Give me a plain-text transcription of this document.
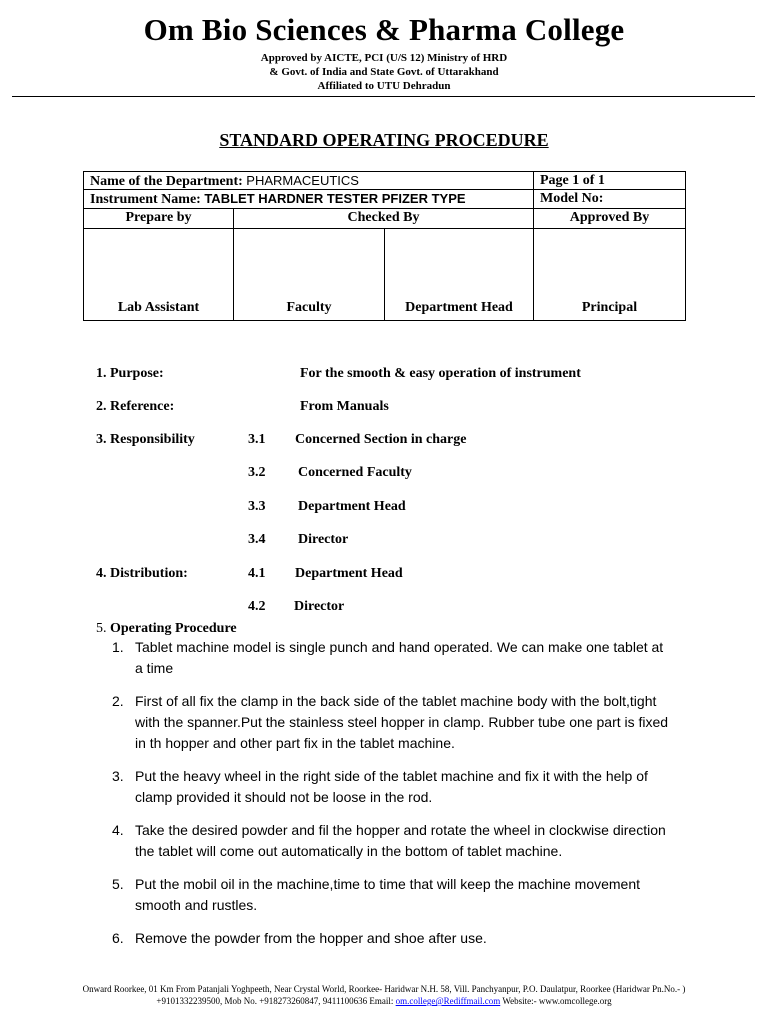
Om Bio Sciences & Pharma College
Approved by AICTE, PCI (U/S 12) Ministry of HRD
& Govt. of India and State Govt. of Uttarakhand
Affiliated to UTU Dehradun
STANDARD OPERATING PROCEDURE
Name of the Department: PHARMACEUTICS	Page 1 of 1
Instrument Name: TABLET HARDNER TESTER PFIZER TYPE	Model No:
Prepare by	Checked By	Approved By
Lab Assistant	Faculty	Department Head	Principal
1. Purpose:	For the smooth & easy operation of instrument
2. Reference:	From Manuals
3. Responsibility	3.1 Concerned Section in charge
3.2 Concerned Faculty
3.3 Department Head
3.4 Director
4. Distribution:	4.1 Department Head
4.2 Director
5. Operating Procedure
1. Tablet machine model is single punch and hand operated. We can make one tablet at a time
2. First of all fix the clamp in the back side of the tablet machine body with the bolt,tight with the spanner.Put the stainless steel hopper in clamp. Rubber tube one part is fixed in th hopper and other part fix in the tablet machine.
3. Put the heavy wheel in the right side of the tablet machine and fix it with the help of clamp provided it should not be loose in the rod.
4. Take the desired powder and fil the hopper and rotate the wheel in clockwise direction the tablet will come out automatically in the bottom of tablet machine.
5. Put the mobil oil in the machine,time to time that will keep the machine movement smooth and rustles.
6. Remove the powder from the hopper and shoe after use.
Onward Roorkee, 01 Km From Patanjali Yoghpeeth, Near Crystal World, Roorkee- Haridwar N.H. 58, Vill. Panchyanpur, P.O. Daulatpur, Roorkee (Haridwar Pn.No.- )
+9101332239500, Mob No. +918273260847, 9411100636 Email: om.college@Rediffmail.com Website:- www.omcollege.org
